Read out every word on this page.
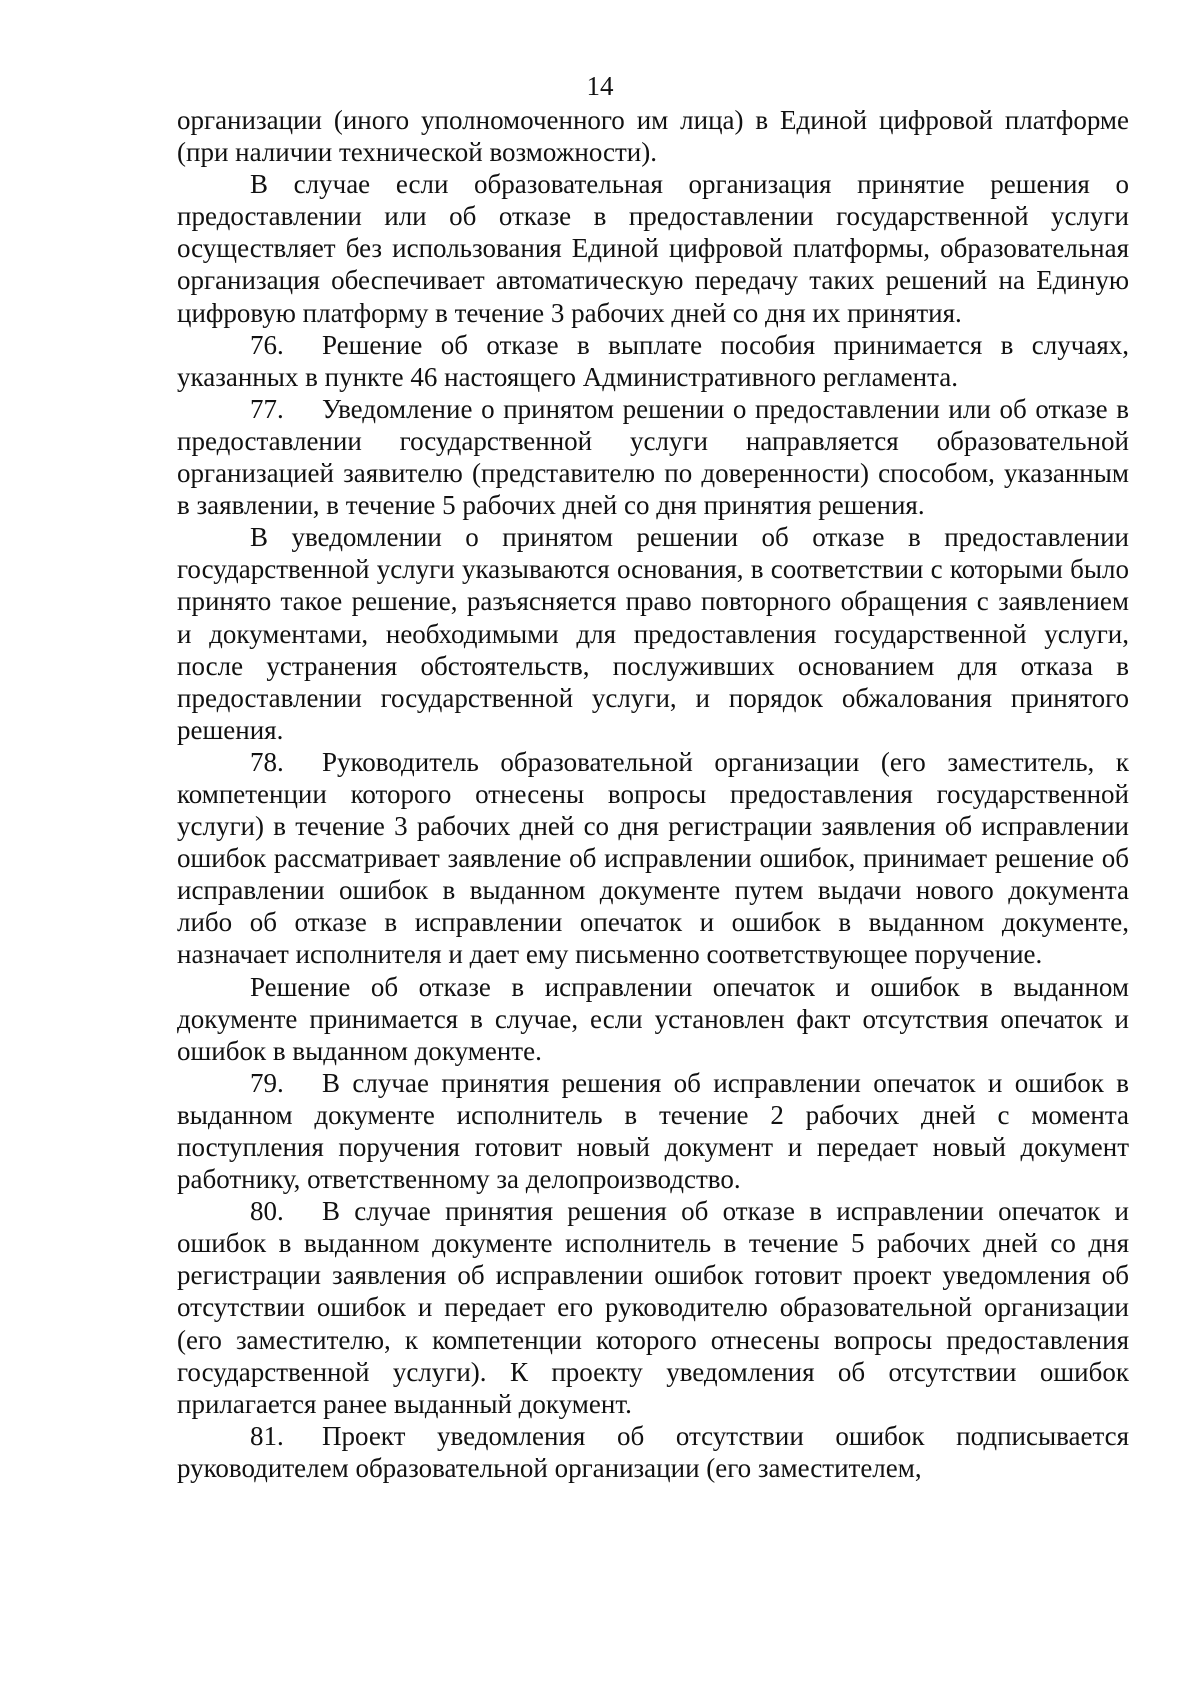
14

организации (иного уполномоченного им лица) в Единой цифровой платформе (при наличии технической возможности).

В случае если образовательная организация принятие решения о предоставлении или об отказе в предоставлении государственной услуги осуществляет без использования Единой цифровой платформы, образовательная организация обеспечивает автоматическую передачу таких решений на Единую цифровую платформу в течение 3 рабочих дней со дня их принятия.

76. Решение об отказе в выплате пособия принимается в случаях, указанных в пункте 46 настоящего Административного регламента.

77. Уведомление о принятом решении о предоставлении или об отказе в предоставлении государственной услуги направляется образовательной организацией заявителю (представителю по доверенности) способом, указанным в заявлении, в течение 5 рабочих дней со дня принятия решения.

В уведомлении о принятом решении об отказе в предоставлении государственной услуги указываются основания, в соответствии с которыми было принято такое решение, разъясняется право повторного обращения с заявлением и документами, необходимыми для предоставления государственной услуги, после устранения обстоятельств, послуживших основанием для отказа в предоставлении государственной услуги, и порядок обжалования принятого решения.

78. Руководитель образовательной организации (его заместитель, к компетенции которого отнесены вопросы предоставления государственной услуги) в течение 3 рабочих дней со дня регистрации заявления об исправлении ошибок рассматривает заявление об исправлении ошибок, принимает решение об исправлении ошибок в выданном документе путем выдачи нового документа либо об отказе в исправлении опечаток и ошибок в выданном документе, назначает исполнителя и дает ему письменно соответствующее поручение.

Решение об отказе в исправлении опечаток и ошибок в выданном документе принимается в случае, если установлен факт отсутствия опечаток и ошибок в выданном документе.

79. В случае принятия решения об исправлении опечаток и ошибок в выданном документе исполнитель в течение 2 рабочих дней с момента поступления поручения готовит новый документ и передает новый документ работнику, ответственному за делопроизводство.

80. В случае принятия решения об отказе в исправлении опечаток и ошибок в выданном документе исполнитель в течение 5 рабочих дней со дня регистрации заявления об исправлении ошибок готовит проект уведомления об отсутствии ошибок и передает его руководителю образовательной организации (его заместителю, к компетенции которого отнесены вопросы предоставления государственной услуги). К проекту уведомления об отсутствии ошибок прилагается ранее выданный документ.

81. Проект уведомления об отсутствии ошибок подписывается руководителем образовательной организации (его заместителем,
